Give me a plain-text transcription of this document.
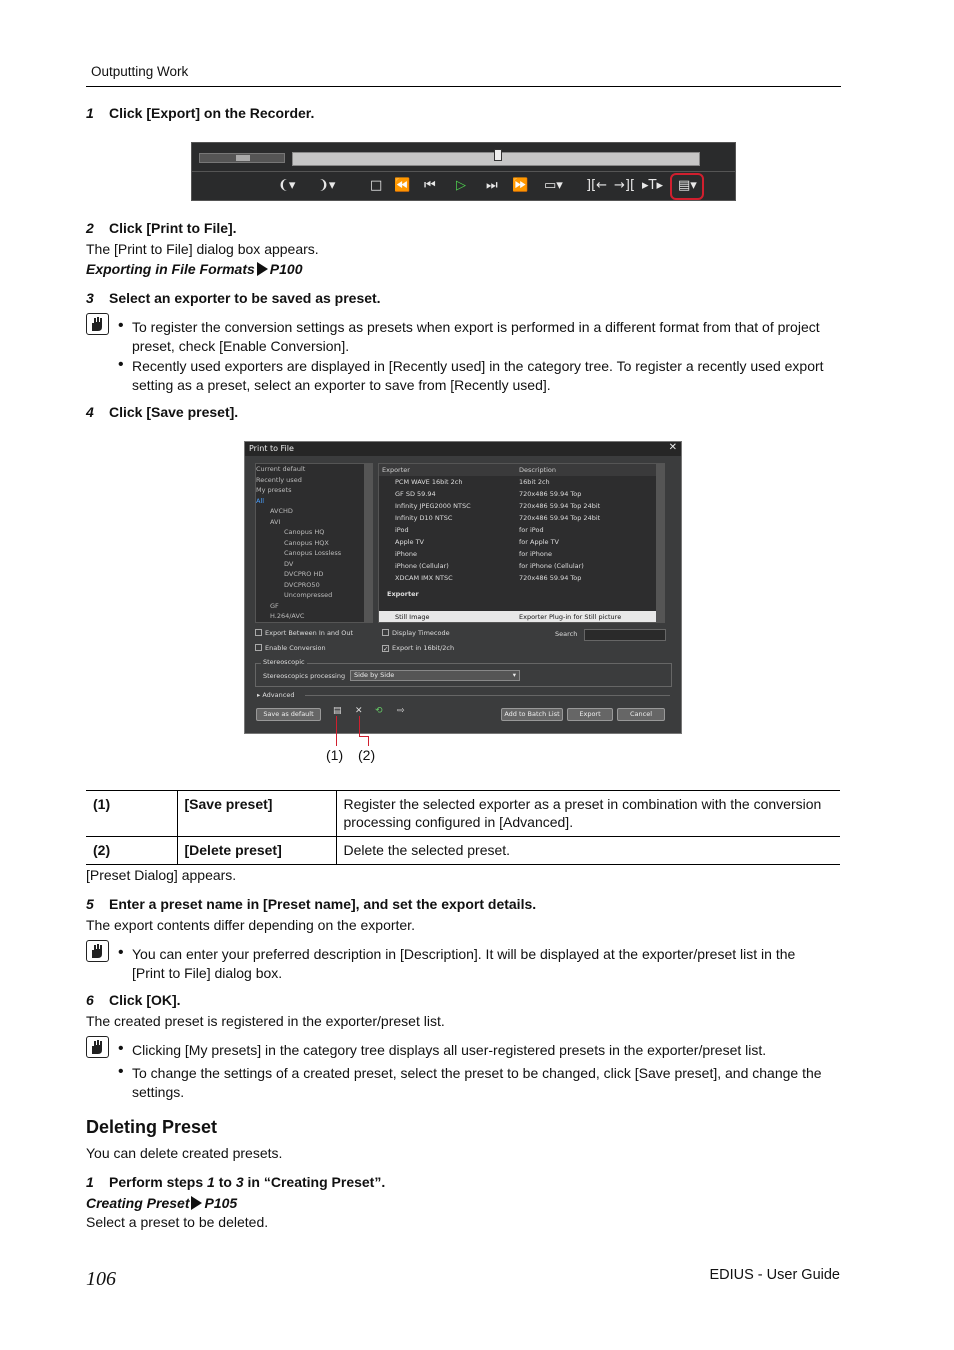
Outputting Work
1 Click [Export] on the Recorder.
❨▾ ❩▾	□ ⏪ ⏮ ▷ ⏭ ⏩ ▭▾ ][← →][ ▸T▸ ▤▾
2 Click [Print to File].
The [Print to File] dialog box appears.
Exporting in File Formats P100
3 Select an exporter to be saved as preset.
• To register the conversion settings as presets when export is performed in a different format from that of project
preset, check [Enable Conversion].
• Recently used exporters are displayed in [Recently used] in the category tree. To register a recently used export
setting as a preset, select an exporter to save from [Recently used].
4 Click [Save preset].
Print to File	✕
Current default
Recently used
My presets
All
AVCHD
AVI
Canopus HQ
Canopus HQX
Canopus Lossless
DV
DVCPRO HD
DVCPRO50
Uncompressed
GF
H.264/AVC
Exporter	Description
PCM WAVE 16bit 2ch	16bit 2ch
GF SD 59.94	720x486 59.94 Top
Infinity JPEG2000 NTSC	720x486 59.94 Top 24bit
Infinity D10 NTSC	720x486 59.94 Top 24bit
iPod	for iPod
Apple TV	for Apple TV
iPhone	for iPhone
iPhone (Cellular)	for iPhone (Cellular)
XDCAM IMX NTSC	720x486 59.94 Top
Exporter
Still Image	Exporter Plug-in for Still picture
Export Between In and Out	Display Timecode	Search
Enable Conversion	✓ Export in 16bit/2ch
Stereoscopic
Stereoscopics processing	Side by Side	▾
▸ Advanced
Save as default	▤ ✕ ⟲ ⇨	Add to Batch List	Export	Cancel
(1) (2)
(1)	[Save preset]	Register the selected exporter as a preset in combination with the conversion
processing configured in [Advanced].

(2)	[Delete preset]	Delete the selected preset.
[Preset Dialog] appears.
5 Enter a preset name in [Preset name], and set the export details.
The export contents differ depending on the exporter.
• You can enter your preferred description in [Description]. It will be displayed at the exporter/preset list in the
[Print to File] dialog box.
6 Click [OK].
The created preset is registered in the exporter/preset list.
• Clicking [My presets] in the category tree displays all user-registered presets in the exporter/preset list.
• To change the settings of a created preset, select the preset to be changed, click [Save preset], and change the
settings.
Deleting Preset
You can delete created presets.
1 Perform steps 1 to 3 in “Creating Preset”.
Creating Preset P105
Select a preset to be deleted.
106	EDIUS - User Guide
